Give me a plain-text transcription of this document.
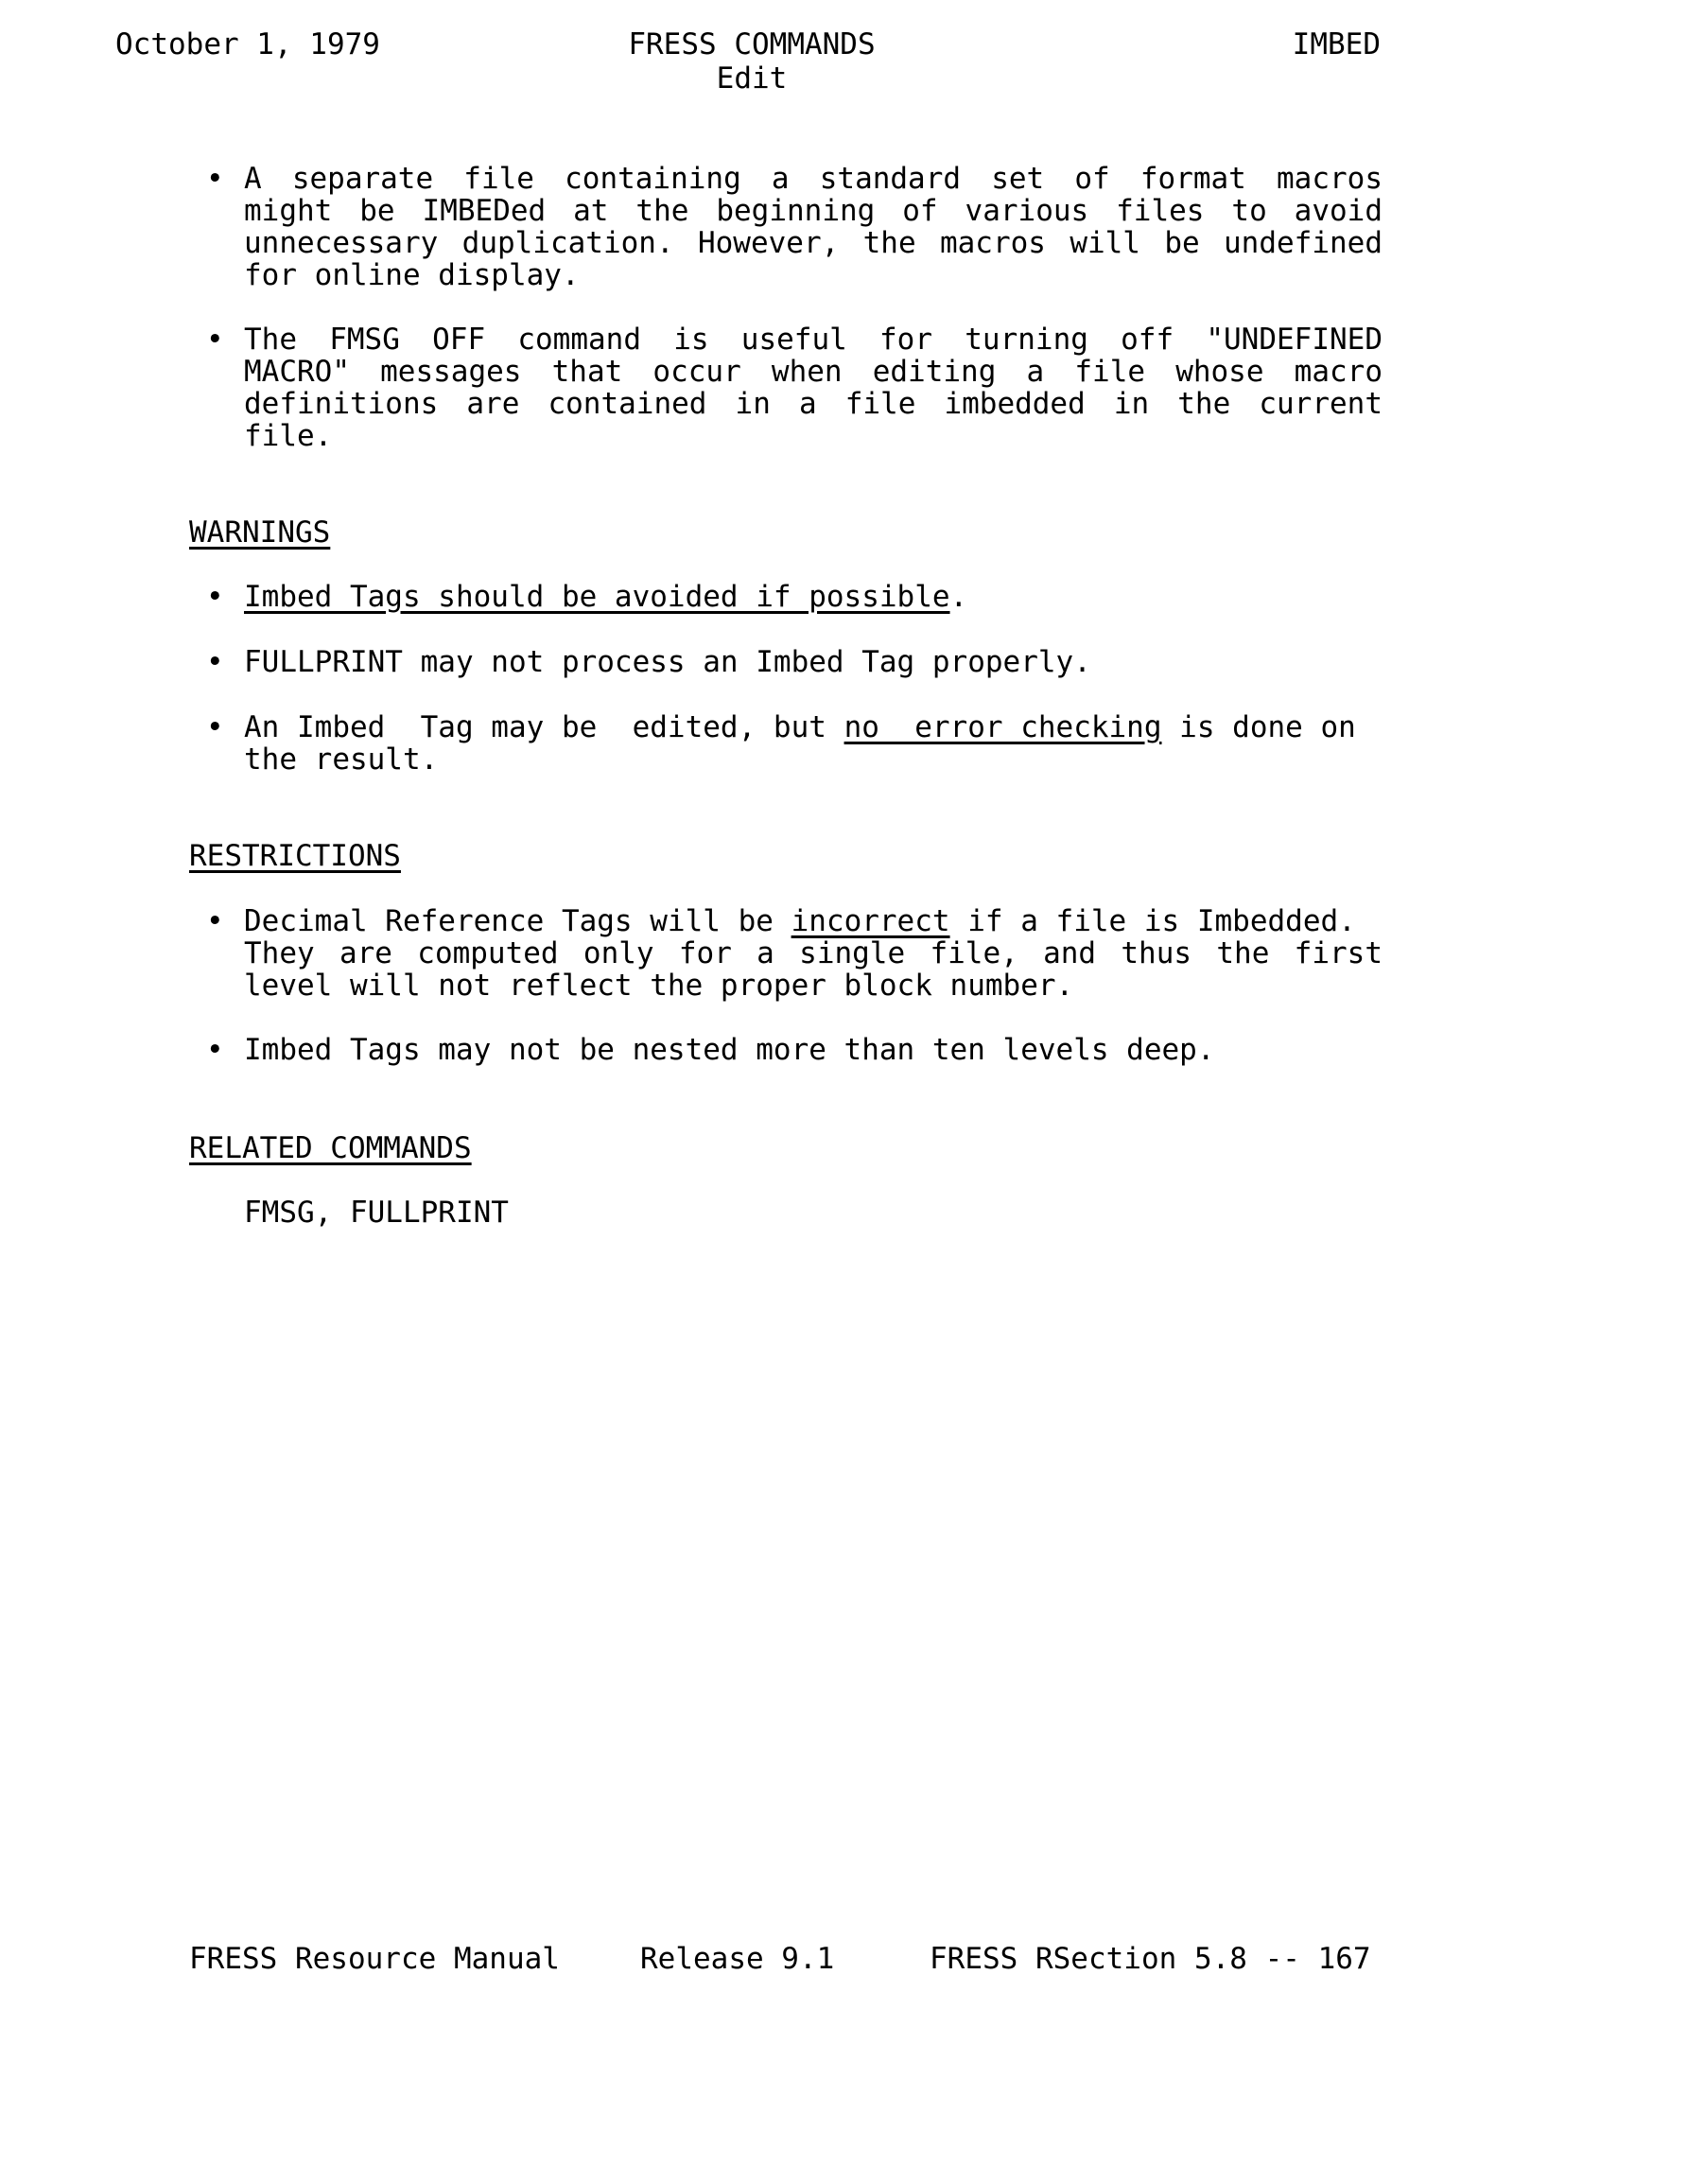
October 1, 1979	FRESS COMMANDS
Edit
IMBED
• A separate file containing a standard set of format macros
might be IMBEDed at the beginning of various files to avoid
unnecessary duplication. However, the macros will be undefined
for online display.
• The FMSG OFF command is useful for turning off "UNDEFINED
MACRO" messages that occur when editing a file whose macro
definitions are contained in a file imbedded in the current
file.
WARNINGS
• Imbed Tags should be avoided if possible.
• FULLPRINT may not process an Imbed Tag properly.
• An Imbed  Tag may be  edited, but no  error checking is done on
the result.
RESTRICTIONS
• Decimal Reference Tags will be incorrect if a file is Imbedded.
They are computed only for a single file, and thus the first
level will not reflect the proper block number.
• Imbed Tags may not be nested more than ten levels deep.
RELATED COMMANDS
FMSG, FULLPRINT
FRESS Resource Manual	Release 9.1	FRESS RSection 5.8 -- 167
